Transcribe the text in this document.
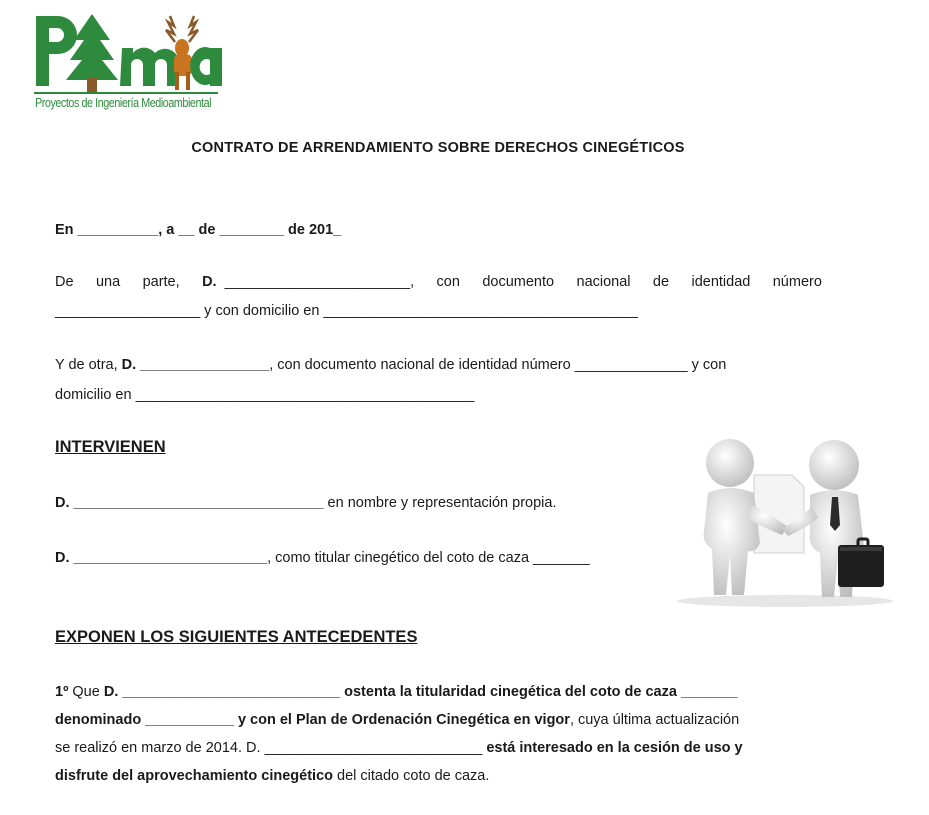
Proyectos de Ingeniería Medioambiental
CONTRATO DE ARRENDAMIENTO SOBRE DERECHOS CINEGÉTICOS
En __________, a __ de ________ de 201_
De una parte, D. _______________________, con documento nacional de identidad número
__________________ y con domicilio en _______________________________________
Y de otra, D. ________________, con documento nacional de identidad número ______________ y con
domicilio en __________________________________________
INTERVIENEN
D. _______________________________ en nombre y representación propia.
D. ________________________, como titular cinegético del coto de caza _______
EXPONEN LOS SIGUIENTES ANTECEDENTES
1º Que D. ___________________________ ostenta la titularidad cinegética del coto de caza _______
denominado ___________ y con el Plan de Ordenación Cinegética en vigor, cuya última actualización
se realizó en marzo de 2014. D. ___________________________ está interesado en la cesión de uso y
disfrute del aprovechamiento cinegético del citado coto de caza.
